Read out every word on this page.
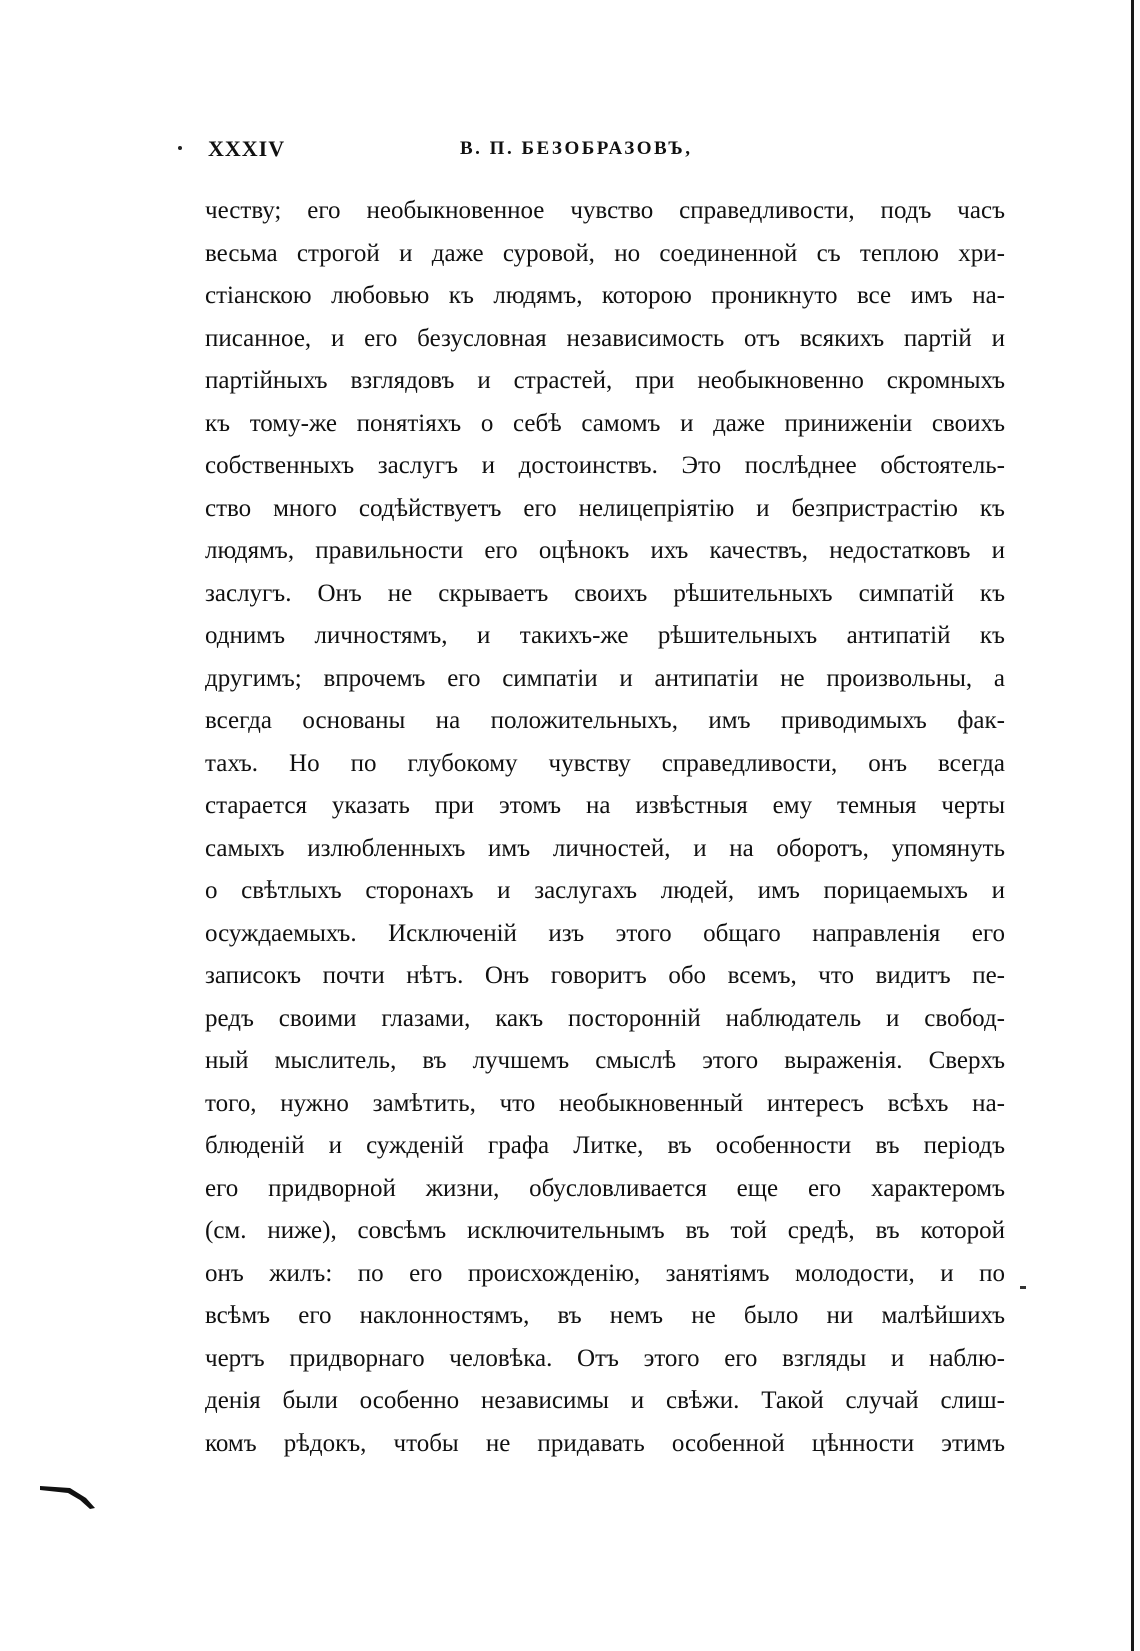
XXXIV	В. П. БЕЗОБРАЗОВЪ,
честву; его необыкновенное чувство справедливости, подъ часъ
весьма строгой и даже суровой, но соединенной съ теплою хри-
стіанскою любовью къ людямъ, которою проникнуто все имъ на-
писанное, и его безусловная независимость отъ всякихъ партій и
партійныхъ взглядовъ и страстей, при необыкновенно скромныхъ
къ тому-же понятіяхъ о себѣ самомъ и даже приниженіи своихъ
собственныхъ заслугъ и достоинствъ. Это послѣднее обстоятель-
ство много содѣйствуетъ его нелицепріятію и безпристрастію къ
людямъ, правильности его оцѣнокъ ихъ качествъ, недостатковъ и
заслугъ. Онъ не скрываетъ своихъ рѣшительныхъ симпатій къ
однимъ личностямъ, и такихъ-же рѣшительныхъ антипатій къ
другимъ; впрочемъ его симпатіи и антипатіи не произвольны, а
всегда основаны на положительныхъ, имъ приводимыхъ фак-
тахъ. Но по глубокому чувству справедливости, онъ всегда
старается указать при этомъ на извѣстныя ему темныя черты
самыхъ излюбленныхъ имъ личностей, и на оборотъ, упомянуть
о свѣтлыхъ сторонахъ и заслугахъ людей, имъ порицаемыхъ и
осуждаемыхъ. Исключеній изъ этого общаго направленія его
записокъ почти нѣтъ. Онъ говоритъ обо всемъ, что видитъ пе-
редъ своими глазами, какъ посторонній наблюдатель и свобод-
ный мыслитель, въ лучшемъ смыслѣ этого выраженія. Сверхъ
того, нужно замѣтить, что необыкновенный интересъ всѣхъ на-
блюденій и сужденій графа Литке, въ особенности въ періодъ
его придворной жизни, обусловливается еще его характеромъ
(см. ниже), совсѣмъ исключительнымъ въ той средѣ, въ которой
онъ жилъ: по его происхожденію, занятіямъ молодости, и по
всѣмъ его наклонностямъ, въ немъ не было ни малѣйшихъ
чертъ придворнаго человѣка. Отъ этого его взгляды и наблю-
денія были особенно независимы и свѣжи. Такой случай слиш-
комъ рѣдокъ, чтобы не придавать особенной цѣнности этимъ
